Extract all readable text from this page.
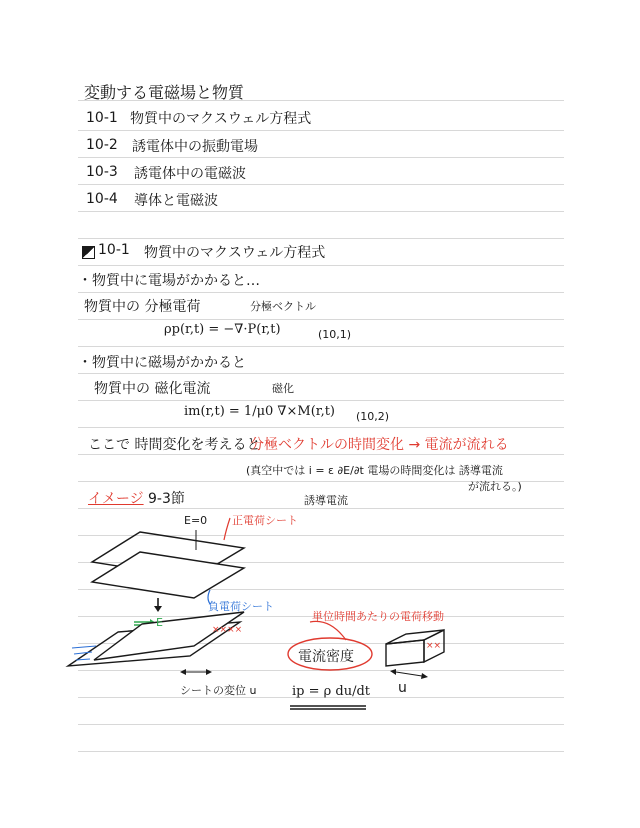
変動する電磁場と物質
10-1 物質中のマクスウェル方程式
10-2 誘電体中の振動電場
10-3 誘電体中の電磁波
10-4 導体と電磁波
10-1 物質中のマクスウェル方程式
・物質中に電場がかかると…
物質中の 分極電荷	分極ベクトル
ρp(r,t) = −∇·P(r,t)	(10,1)
・物質中に磁場がかかると
物質中の 磁化電流	磁化
im(r,t) = 1/μ0 ∇×M(r,t) (10,2)
ここで 時間変化を考えると
分極ベクトルの時間変化 → 電流が流れる
(真空中では i = ε ∂E/∂t 電場の時間変化は 誘導電流
が流れる。)
誘導電流
イメージ 9-3節
××××
××
E=0 正電荷シート
負電荷シート
E
シートの変位 u
単位時間あたりの電荷移動
電流密度
ip = ρ du/dt u
